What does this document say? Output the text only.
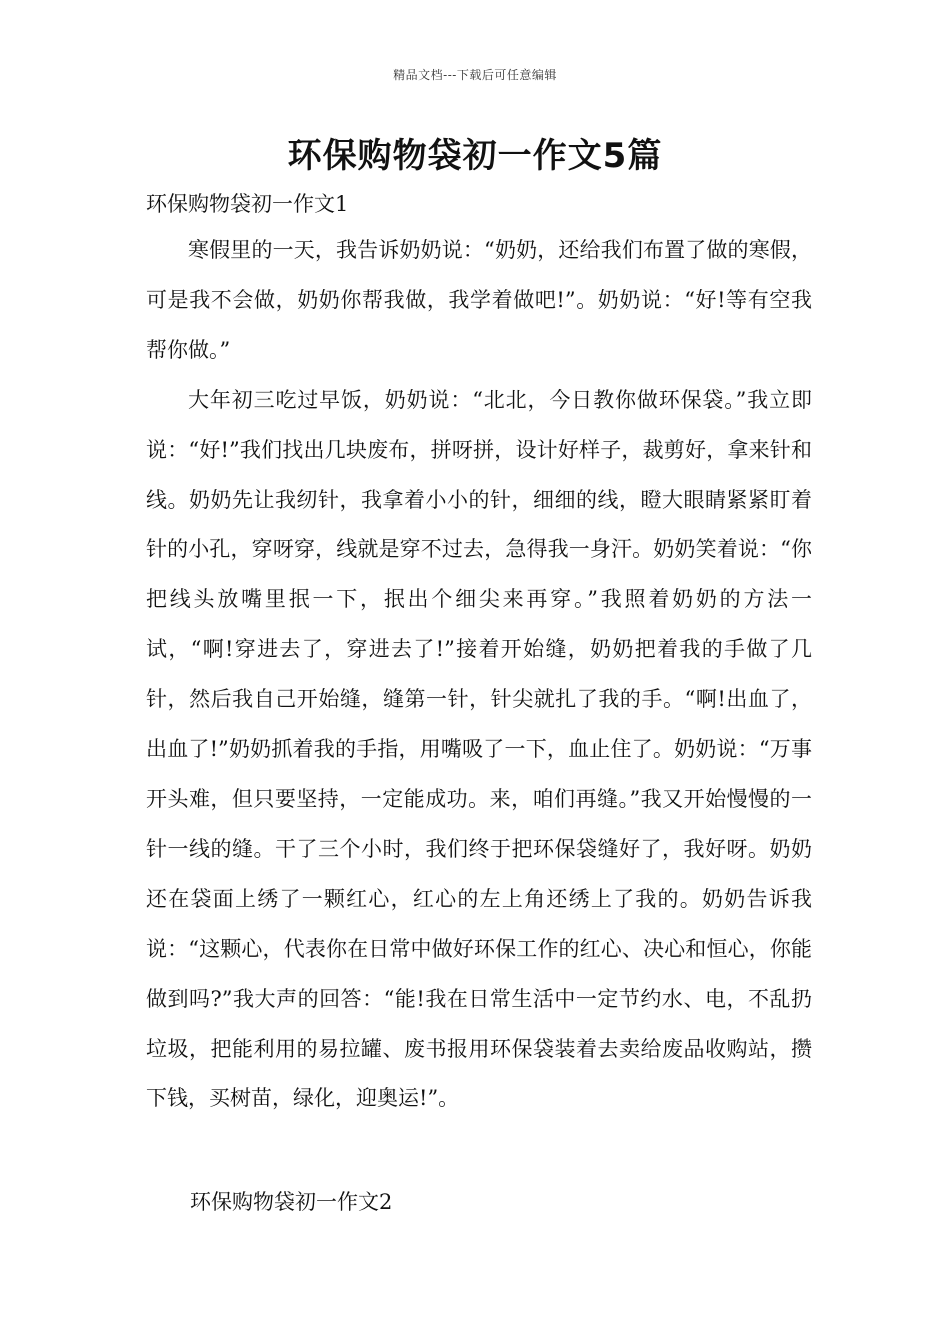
精品文档---下载后可任意编辑
环保购物袋初一作文5篇
环保购物袋初一作文1

寒假里的一天，我告诉奶奶说：“奶奶，还给我们布置了做的寒假，可是我不会做，奶奶你帮我做，我学着做吧!”。奶奶说：“好!等有空我帮你做。”

大年初三吃过早饭，奶奶说：“北北，今日教你做环保袋。”我立即说：“好!”我们找出几块废布，拼呀拼，设计好样子，裁剪好，拿来针和线。奶奶先让我纫针，我拿着小小的针，细细的线，瞪大眼睛紧紧盯着针的小孔，穿呀穿，线就是穿不过去，急得我一身汗。奶奶笑着说：“你把线头放嘴里抿一下，抿出个细尖来再穿。”我照着奶奶的方法一试，“啊!穿进去了，穿进去了!”接着开始缝，奶奶把着我的手做了几针，然后我自己开始缝，缝第一针，针尖就扎了我的手。“啊!出血了，出血了!”奶奶抓着我的手指，用嘴吸了一下，血止住了。奶奶说：“万事开头难，但只要坚持，一定能成功。来，咱们再缝。”我又开始慢慢的一针一线的缝。干了三个小时，我们终于把环保袋缝好了，我好呀。奶奶还在袋面上绣了一颗红心，红心的左上角还绣上了我的。奶奶告诉我说：“这颗心，代表你在日常中做好环保工作的红心、决心和恒心，你能做到吗?”我大声的回答：“能!我在日常生活中一定节约水、电，不乱扔垃圾，把能利用的易拉罐、废书报用环保袋装着去卖给废品收购站，攒下钱，买树苗，绿化，迎奥运!”。

环保购物袋初一作文2
